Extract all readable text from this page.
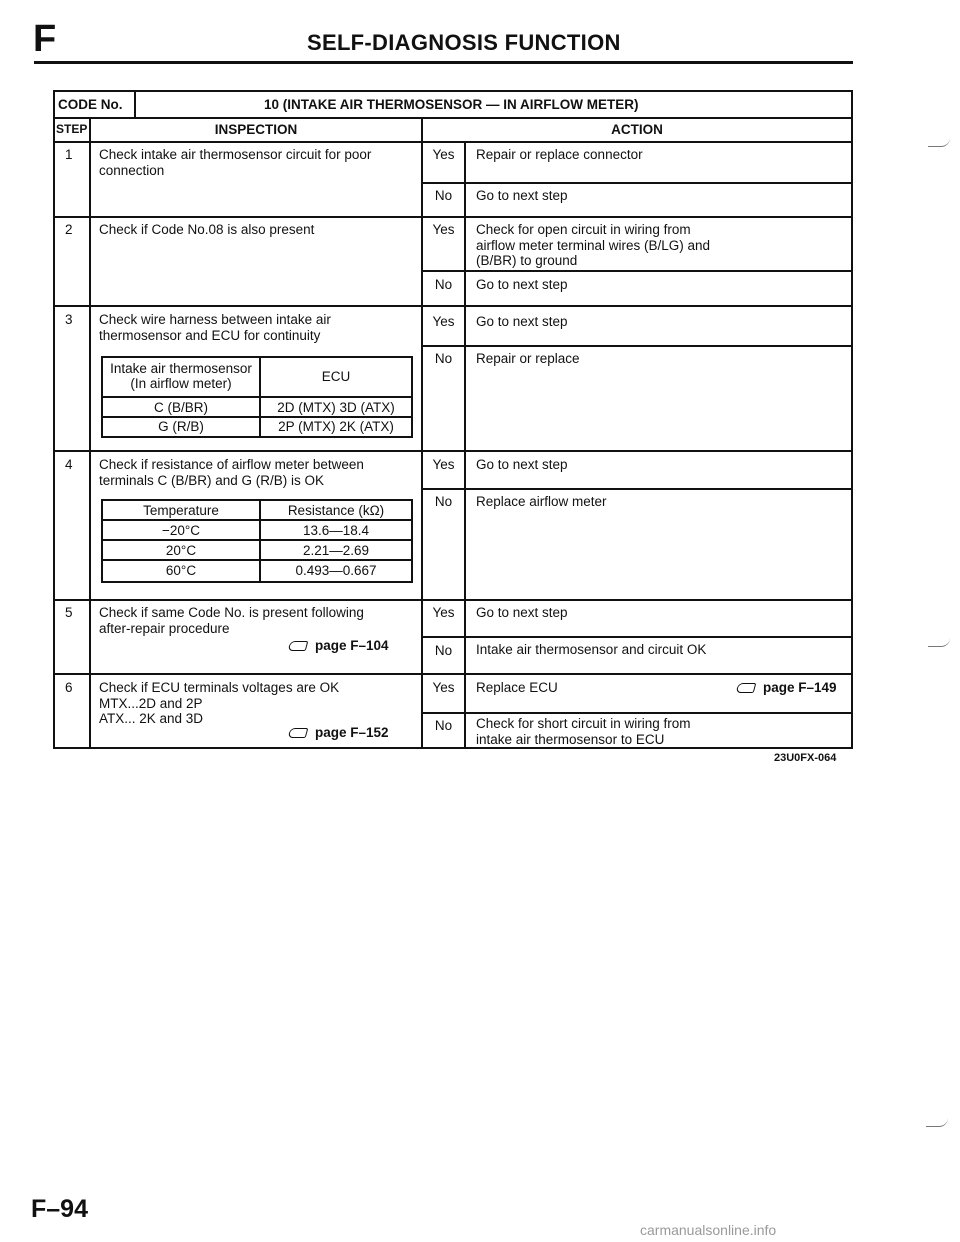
F	SELF-DIAGNOSIS FUNCTION
CODE No.	10 (INTAKE AIR THERMOSENSOR — IN AIRFLOW METER)
STEP	INSPECTION	ACTION
1 Check intake air thermosensor circuit for poor
connection
Yes	Repair or replace connector
No	Go to next step
2 Check if Code No.08 is also present	Yes	Check for open circuit in wiring from
airflow meter terminal wires (B/LG) and
(B/BR) to ground
No	Go to next step
3 Check wire harness between intake air
thermosensor and ECU for continuity
Intake air thermosensor
(In airflow meter)	ECU
C (B/BR)	2D (MTX) 3D (ATX)
G (R/B)	2P (MTX) 2K (ATX)
Yes	Go to next step
No	Repair or replace
4 Check if resistance of airflow meter between
terminals C (B/BR) and G (R/B) is OK
Temperature	Resistance (kΩ)
−20°C	13.6—18.4
20°C	2.21—2.69
60°C	0.493—0.667
Yes	Go to next step
No	Replace airflow meter
5 Check if same Code No. is present following
after-repair procedure
page F–104
Yes	Go to next step
No	Intake air thermosensor and circuit OK
6 Check if ECU terminals voltages are OK
MTX...2D and 2P
ATX... 2K and 3D
page F–152
Yes	Replace ECU	page F–149
No	Check for short circuit in wiring from
intake air thermosensor to ECU
23U0FX-064
F–94
carmanualsonline.info
